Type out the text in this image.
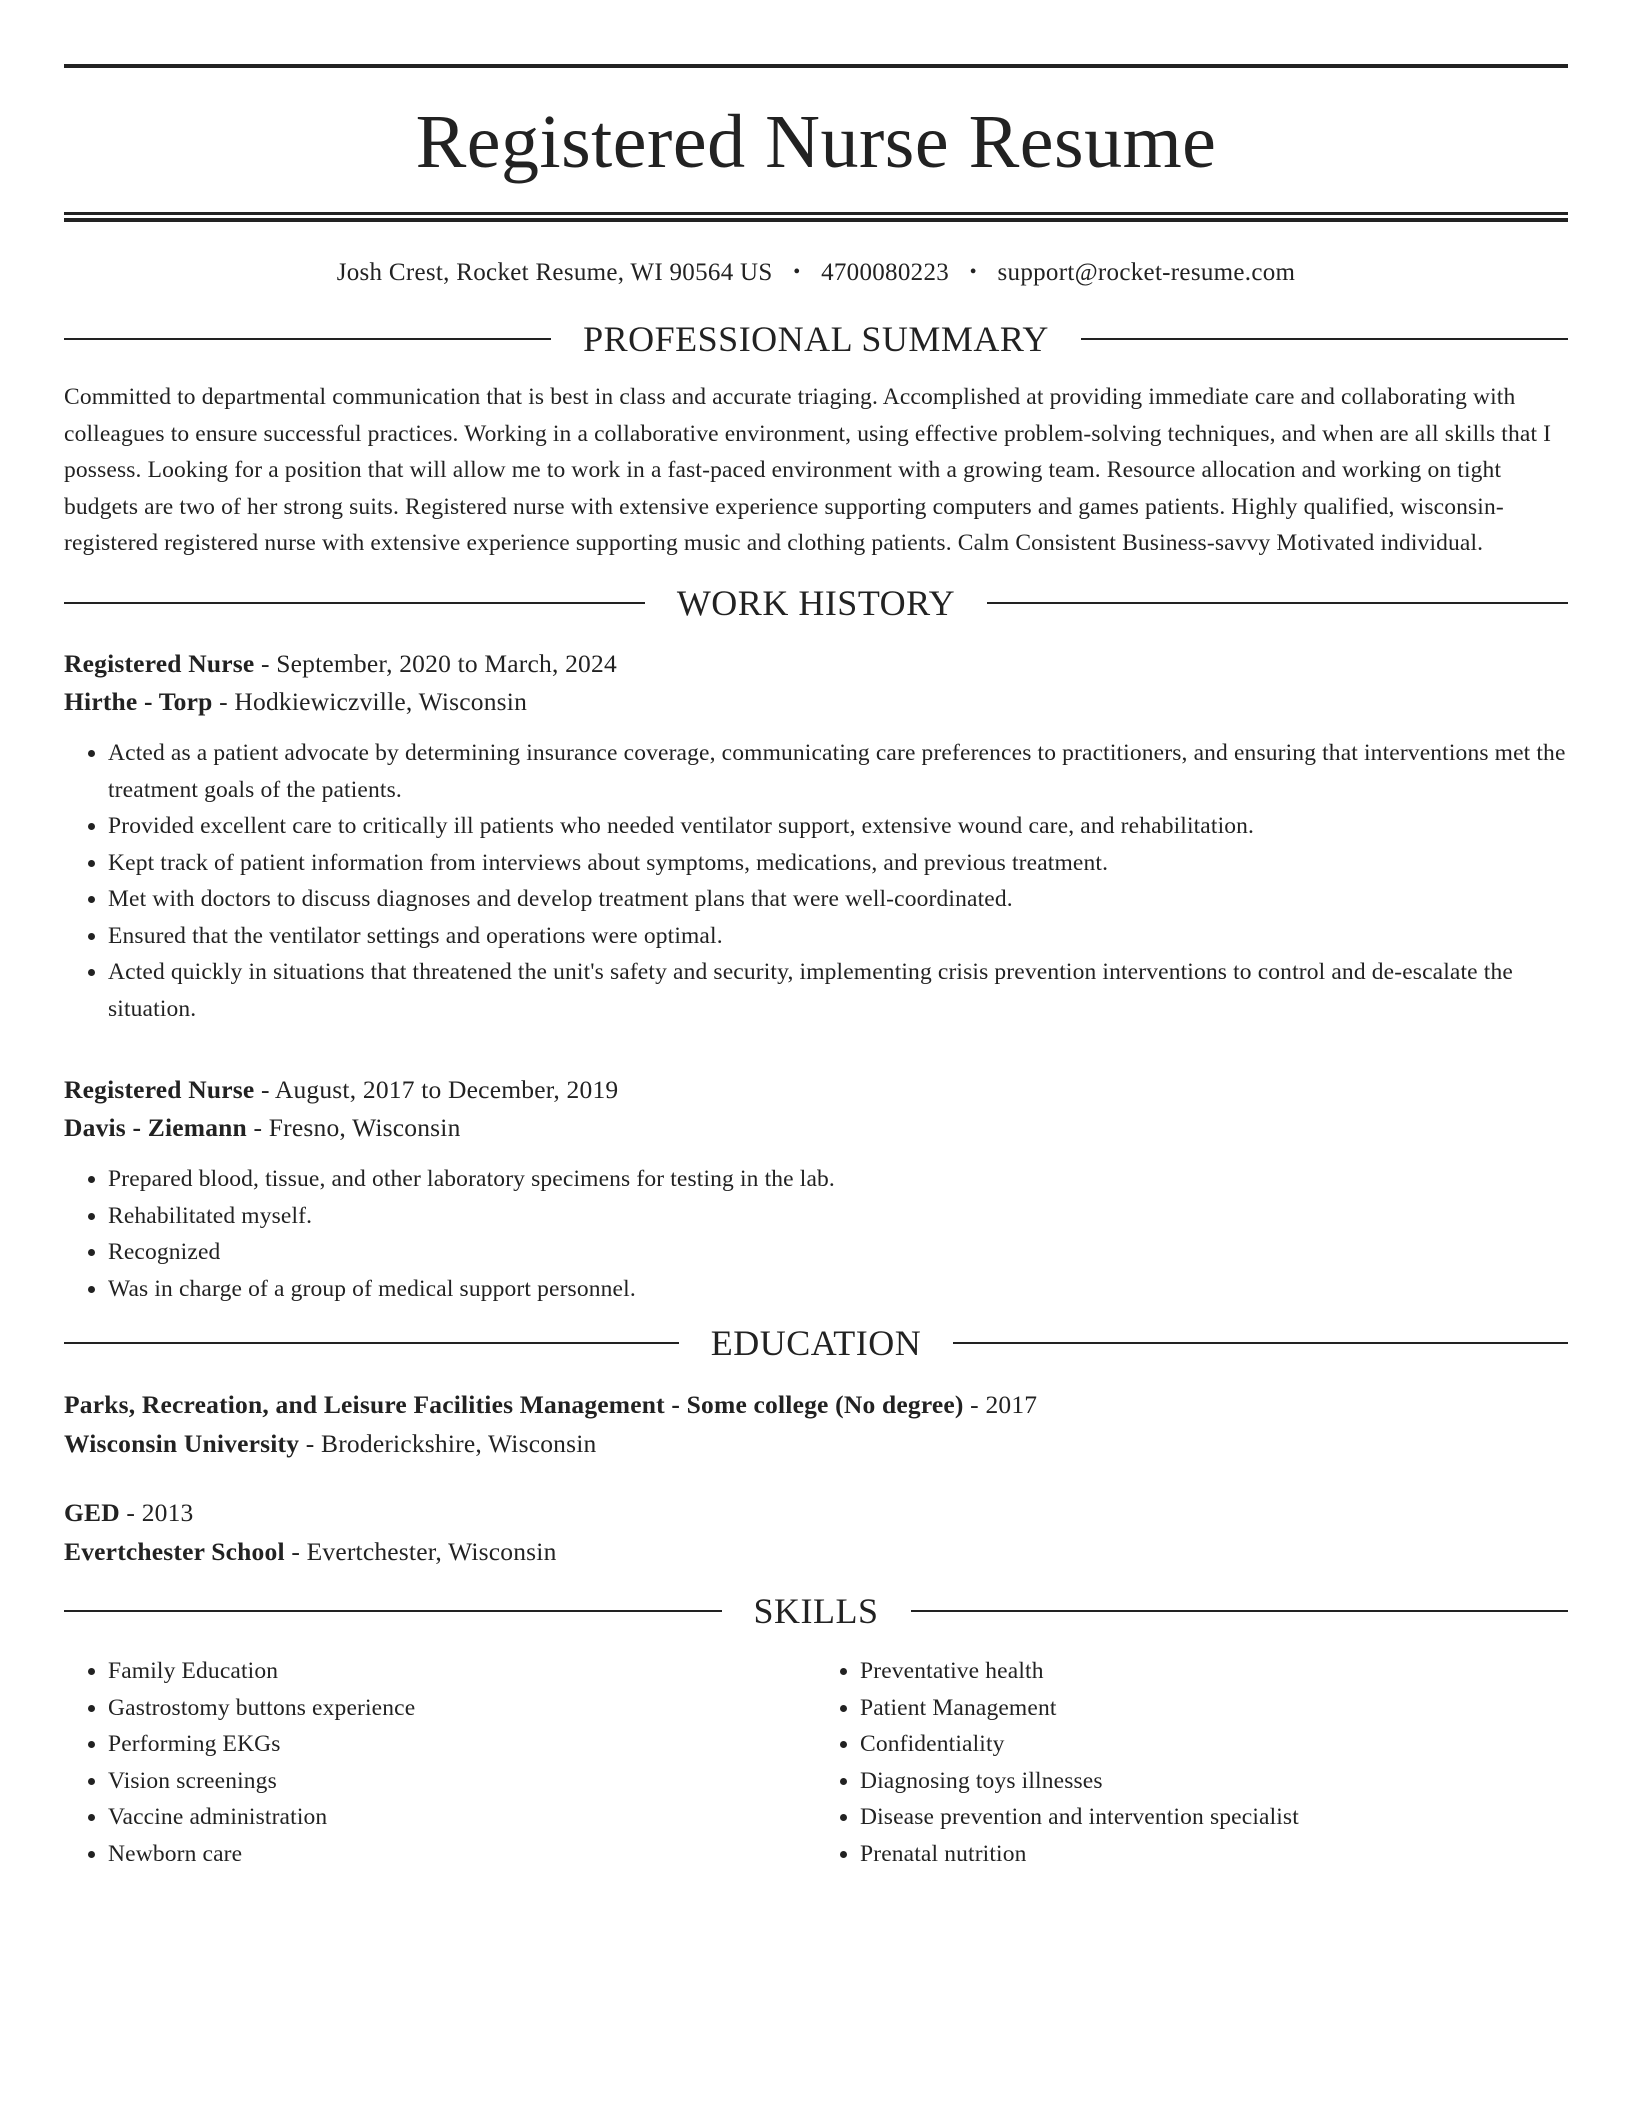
Registered Nurse Resume
Josh Crest, Rocket Resume, WI 90564 US • 4700080223 • support@rocket-resume.com
PROFESSIONAL SUMMARY

Committed to departmental communication that is best in class and accurate triaging. Accomplished at providing immediate care and collaborating with colleagues to ensure successful practices. Working in a collaborative environment, using effective problem-solving techniques, and when are all skills that I possess. Looking for a position that will allow me to work in a fast-paced environment with a growing team. Resource allocation and working on tight budgets are two of her strong suits. Registered nurse with extensive experience supporting computers and games patients. Highly qualified, wisconsin-registered registered nurse with extensive experience supporting music and clothing patients. Calm Consistent Business-savvy Motivated individual.

WORK HISTORY
Registered Nurse - September, 2020 to March, 2024
Hirthe - Torp - Hodkiewiczville, Wisconsin
• Acted as a patient advocate by determining insurance coverage, communicating care preferences to practitioners, and ensuring that interventions met the treatment goals of the patients.
• Provided excellent care to critically ill patients who needed ventilator support, extensive wound care, and rehabilitation.
• Kept track of patient information from interviews about symptoms, medications, and previous treatment.
• Met with doctors to discuss diagnoses and develop treatment plans that were well-coordinated.
• Ensured that the ventilator settings and operations were optimal.
• Acted quickly in situations that threatened the unit's safety and security, implementing crisis prevention interventions to control and de-escalate the situation.
Registered Nurse - August, 2017 to December, 2019
Davis - Ziemann - Fresno, Wisconsin
• Prepared blood, tissue, and other laboratory specimens for testing in the lab.
• Rehabilitated myself.
• Recognized
• Was in charge of a group of medical support personnel.
EDUCATION
Parks, Recreation, and Leisure Facilities Management - Some college (No degree) - 2017
Wisconsin University - Broderickshire, Wisconsin
GED - 2013
Evertchester School - Evertchester, Wisconsin
SKILLS
• Family Education
• Gastrostomy buttons experience
• Performing EKGs
• Vision screenings
• Vaccine administration
• Newborn care
• Preventative health
• Patient Management
• Confidentiality
• Diagnosing toys illnesses
• Disease prevention and intervention specialist
• Prenatal nutrition
